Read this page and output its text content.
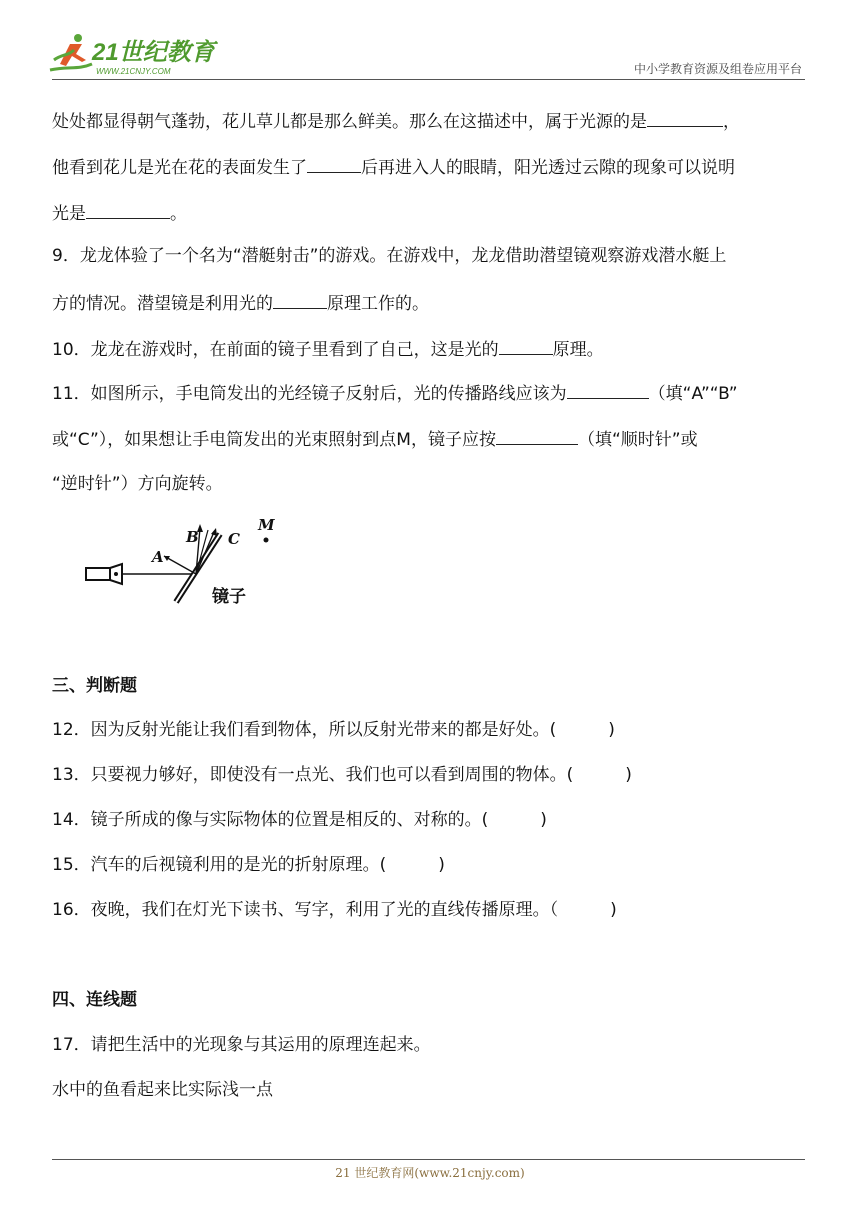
21世纪教育
WWW.21CNJY.COM	中小学教育资源及组卷应用平台
处处都显得朝气蓬勃，花儿草儿都是那么鲜美。那么在这描述中，属于光源的是	，
他看到花儿是光在花的表面发生了	后再进入人的眼睛，阳光透过云隙的现象可以说明
光是	。
9．龙龙体验了一个名为“潜艇射击”的游戏。在游戏中，龙龙借助潜望镜观察游戏潜水艇上
方的情况。潜望镜是利用光的	原理工作的。
10．龙龙在游戏时，在前面的镜子里看到了自己，这是光的	原理。
11．如图所示，手电筒发出的光经镜子反射后，光的传播路线应该为	（填“A”“B”
或“C”），如果想让手电筒发出的光束照射到点M，镜子应按	（填“顺时针”或
“逆时针”）方向旋转。
A
B C
M
镜子
三、判断题
12．因为反射光能让我们看到物体，所以反射光带来的都是好处。(	)
13．只要视力够好，即使没有一点光、我们也可以看到周围的物体。(	)
14．镜子所成的像与实际物体的位置是相反的、对称的。(	)
15．汽车的后视镜利用的是光的折射原理。(	)
16．夜晚，我们在灯光下读书、写字，利用了光的直线传播原理。（	)
四、连线题
17．请把生活中的光现象与其运用的原理连起来。
水中的鱼看起来比实际浅一点
21 世纪教育网(www.21cnjy.com)
